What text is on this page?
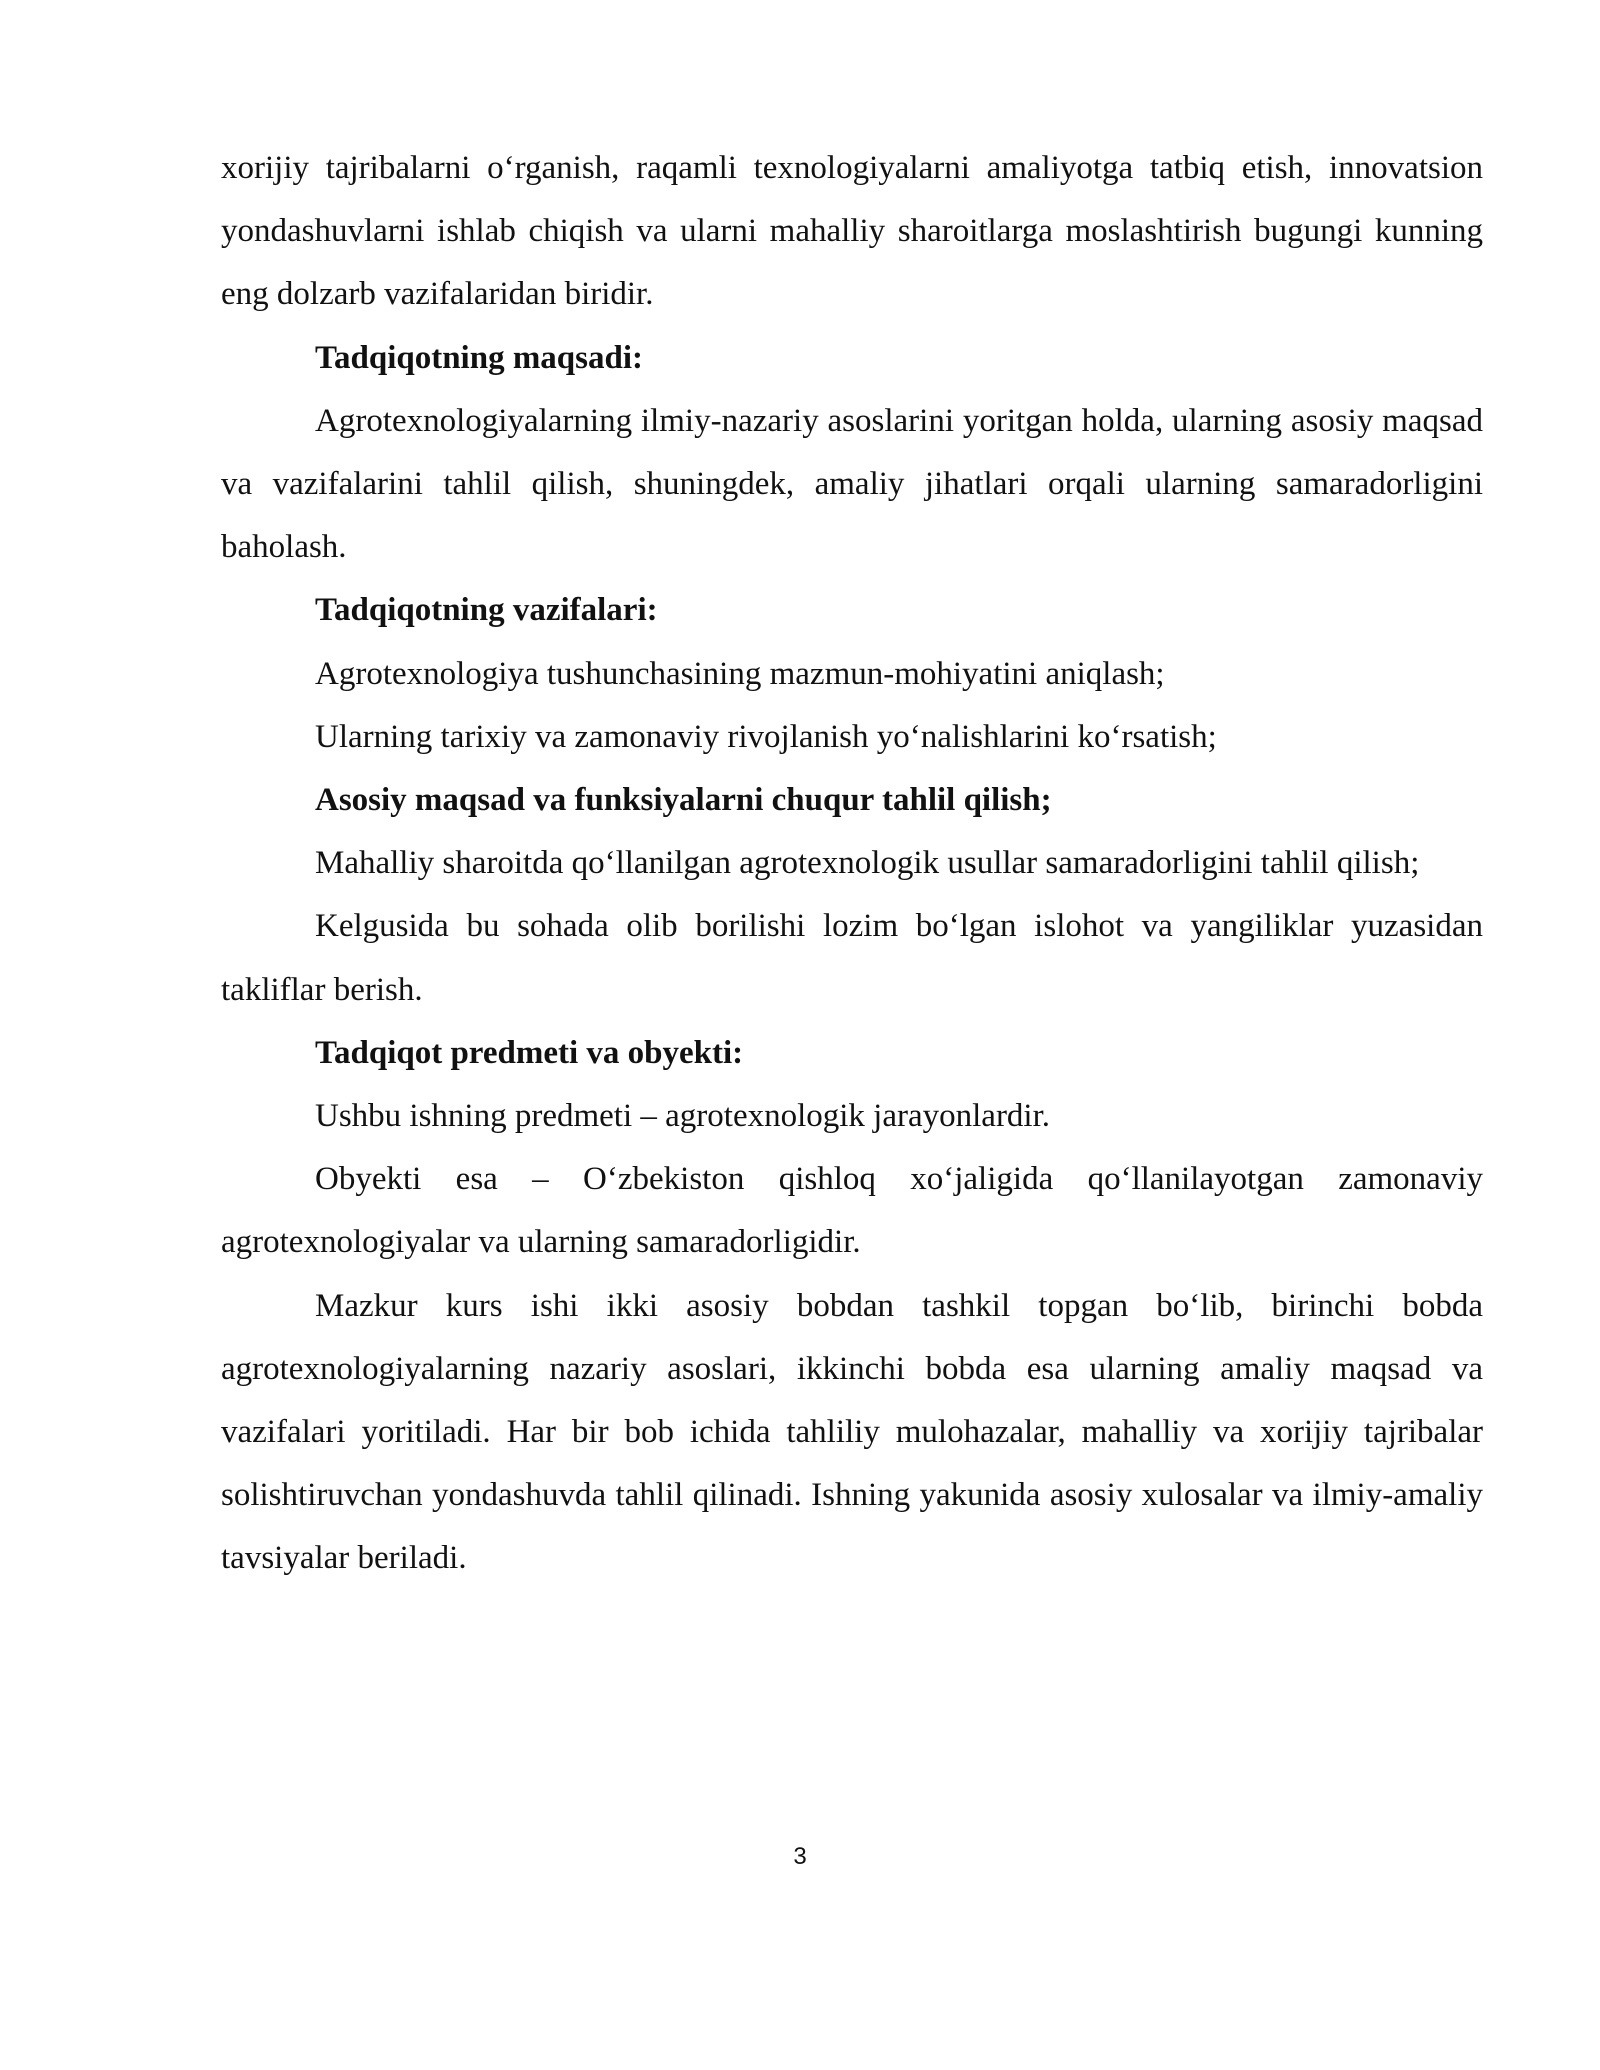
xorijiy tajribalarni o‘rganish, raqamli texnologiyalarni amaliyotga tatbiq etish, innovatsion yondashuvlarni ishlab chiqish va ularni mahalliy sharoitlarga moslashtirish bugungi kunning eng dolzarb vazifalaridan biridir.

Tadqiqotning maqsadi:

Agrotexnologiyalarning ilmiy-nazariy asoslarini yoritgan holda, ularning asosiy maqsad va vazifalarini tahlil qilish, shuningdek, amaliy jihatlari orqali ularning samaradorligini baholash.

Tadqiqotning vazifalari:

Agrotexnologiya tushunchasining mazmun-mohiyatini aniqlash;

Ularning tarixiy va zamonaviy rivojlanish yo‘nalishlarini ko‘rsatish;

Asosiy maqsad va funksiyalarni chuqur tahlil qilish;

Mahalliy sharoitda qo‘llanilgan agrotexnologik usullar samaradorligini tahlil qilish;

Kelgusida bu sohada olib borilishi lozim bo‘lgan islohot va yangiliklar yuzasidan takliflar berish.

Tadqiqot predmeti va obyekti:

Ushbu ishning predmeti – agrotexnologik jarayonlardir.

Obyekti esa – O‘zbekiston qishloq xo‘jaligida qo‘llanilayotgan zamonaviy agrotexnologiyalar va ularning samaradorligidir.

Mazkur kurs ishi ikki asosiy bobdan tashkil topgan bo‘lib, birinchi bobda agrotexnologiyalarning nazariy asoslari, ikkinchi bobda esa ularning amaliy maqsad va vazifalari yoritiladi. Har bir bob ichida tahliliy mulohazalar, mahalliy va xorijiy tajribalar solishtiruvchan yondashuvda tahlil qilinadi. Ishning yakunida asosiy xulosalar va ilmiy-amaliy tavsiyalar beriladi.

3
